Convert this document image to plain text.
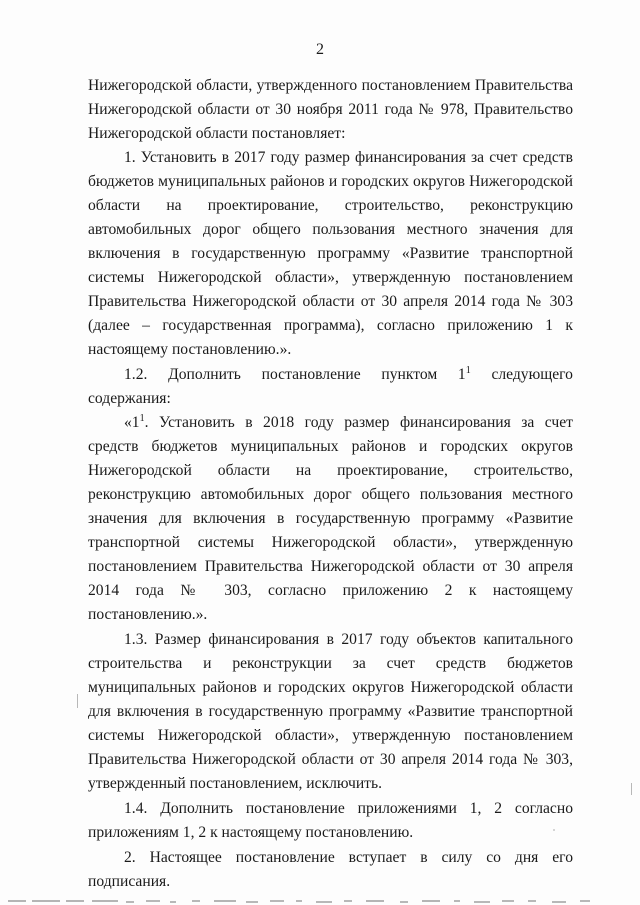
2

Нижегородской области, утвержденного постановлением Правительства Нижегородской области от 30 ноября 2011 года № 978, Правительство Нижегородской области постановляет:

1. Установить в 2017 году размер финансирования за счет средств бюджетов муниципальных районов и городских округов Нижегородской области на проектирование, строительство, реконструкцию автомобильных дорог общего пользования местного значения для включения в государственную программу «Развитие транспортной системы Нижегородской области», утвержденную постановлением Правительства Нижегородской области от 30 апреля 2014 года № 303 (далее – государственная программа), согласно приложению 1 к настоящему постановлению.».

1.2. Дополнить постановление пунктом $1^1$ следующего содержания:

«$1^1$. Установить в 2018 году размер финансирования за счет средств бюджетов муниципальных районов и городских округов Нижегородской области на проектирование, строительство, реконструкцию автомобильных дорог общего пользования местного значения для включения в государственную программу «Развитие транспортной системы Нижегородской области», утвержденную постановлением Правительства Нижегородской области от 30 апреля 2014 года № 303, согласно приложению 2 к настоящему постановлению.».

1.3. Размер финансирования в 2017 году объектов капитального строительства и реконструкции за счет средств бюджетов муниципальных районов и городских округов Нижегородской области для включения в государственную программу «Развитие транспортной системы Нижегородской области», утвержденную постановлением Правительства Нижегородской области от 30 апреля 2014 года № 303, утвержденный постановлением, исключить.

1.4. Дополнить постановление приложениями 1, 2 согласно приложениям 1, 2 к настоящему постановлению.

2. Настоящее постановление вступает в силу со дня его подписания.
